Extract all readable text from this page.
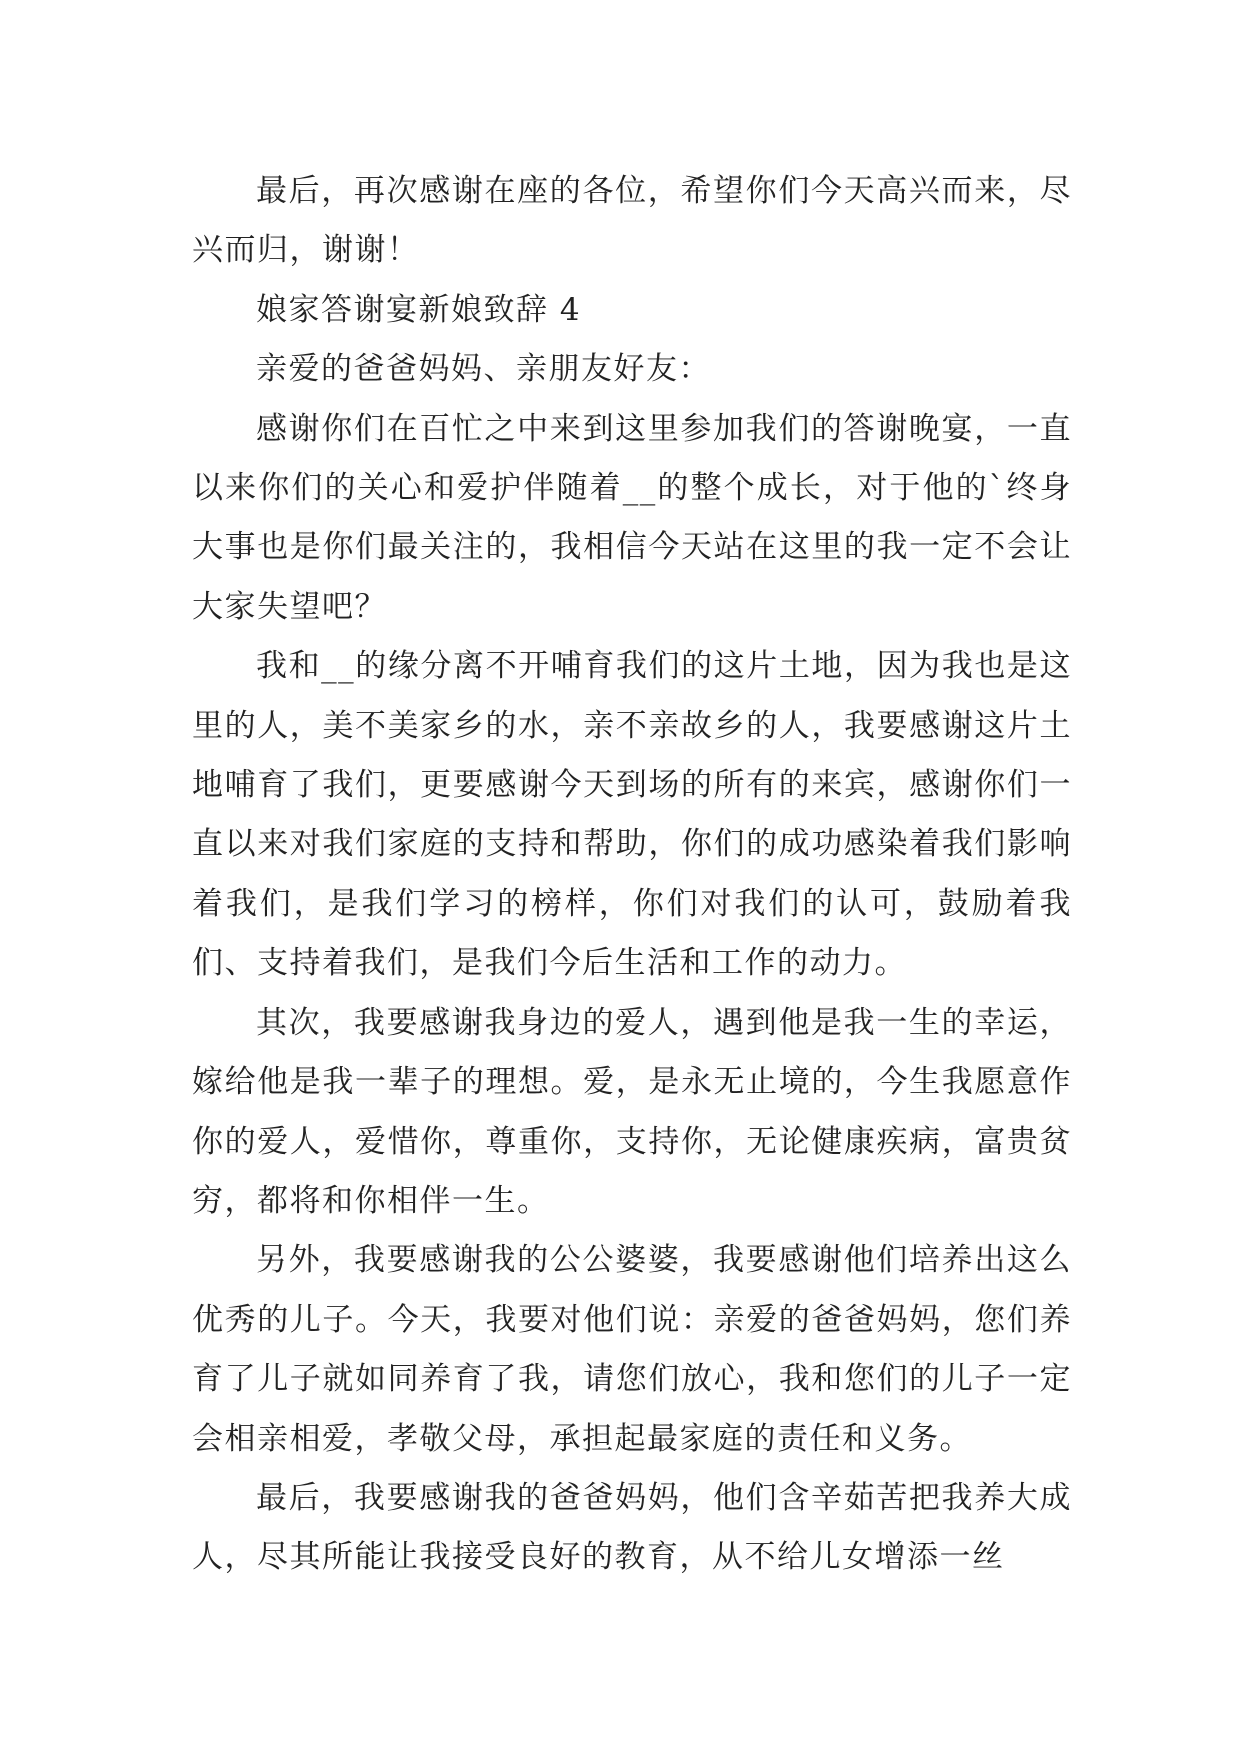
最后，再次感谢在座的各位，希望你们今天高兴而来，尽兴而归，谢谢！

娘家答谢宴新娘致辞 4

亲爱的爸爸妈妈、亲朋友好友：

感谢你们在百忙之中来到这里参加我们的答谢晚宴，一直以来你们的关心和爱护伴随着__的整个成长，对于他的`终身大事也是你们最关注的，我相信今天站在这里的我一定不会让大家失望吧？

我和__的缘分离不开哺育我们的这片土地，因为我也是这里的人，美不美家乡的水，亲不亲故乡的人，我要感谢这片土地哺育了我们，更要感谢今天到场的所有的来宾，感谢你们一直以来对我们家庭的支持和帮助，你们的成功感染着我们影响着我们，是我们学习的榜样，你们对我们的认可，鼓励着我们、支持着我们，是我们今后生活和工作的动力。

其次，我要感谢我身边的爱人，遇到他是我一生的幸运，嫁给他是我一辈子的理想。爱，是永无止境的，今生我愿意作你的爱人，爱惜你，尊重你，支持你，无论健康疾病，富贵贫穷，都将和你相伴一生。

另外，我要感谢我的公公婆婆，我要感谢他们培养出这么优秀的儿子。今天，我要对他们说：亲爱的爸爸妈妈，您们养育了儿子就如同养育了我，请您们放心，我和您们的儿子一定会相亲相爱，孝敬父母，承担起最家庭的责任和义务。

最后，我要感谢我的爸爸妈妈，他们含辛茹苦把我养大成人，尽其所能让我接受良好的教育，从不给儿女增添一丝
